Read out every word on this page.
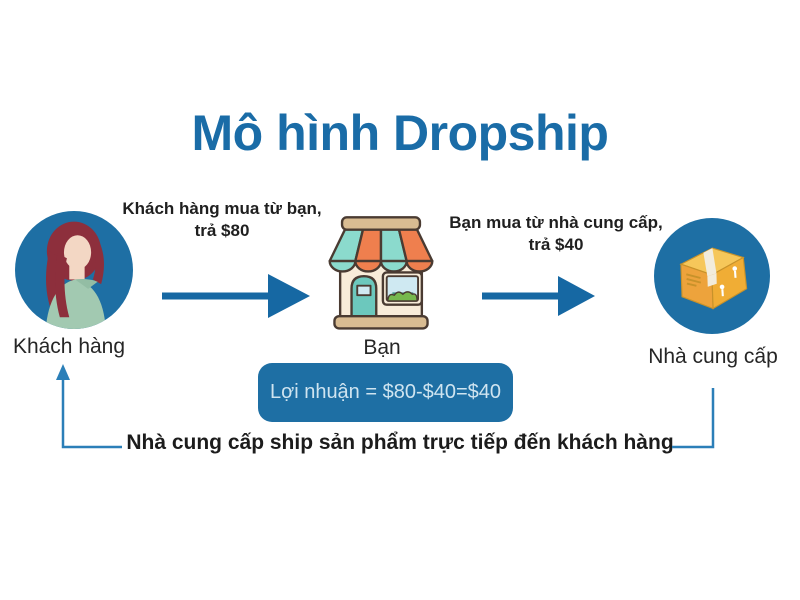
Mô hình Dropship
Khách hàng
Khách hàng mua từ bạn,
trả $80
Bạn
Bạn mua từ nhà cung cấp,
trả $40
Nhà cung cấp
Lợi nhuận = $80-$40=$40
Nhà cung cấp ship sản phẩm trực tiếp đến khách hàng
